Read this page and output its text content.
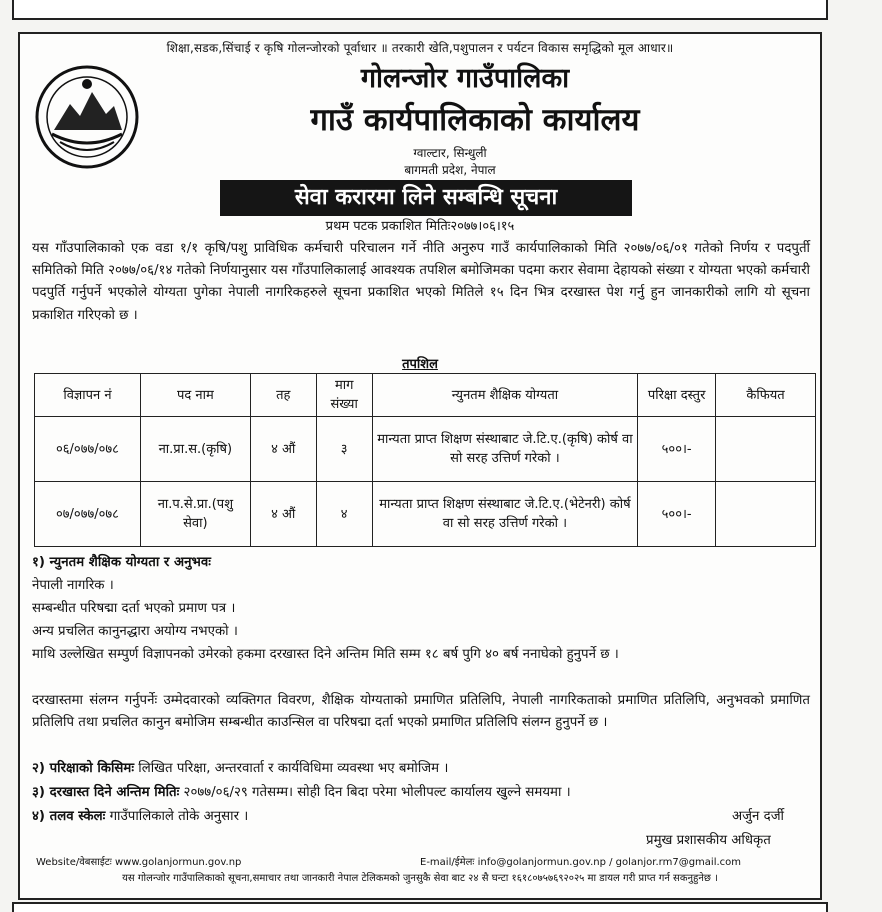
शिक्षा,सडक,सिंचाई र कृषि गोलन्जोरको पूर्वाधार ॥ तरकारी खेति,पशुपालन र पर्यटन विकास समृद्धिको मूल आधार॥
गोलन्जोर गाउँपालिका
गाउँ कार्यपालिकाको कार्यालय
ग्वाल्टार, सिन्धुली
बागमती प्रदेश, नेपाल
सेवा करारमा लिने सम्बन्धि सूचना
प्रथम पटक प्रकाशित मितिः२०७७।०६।१५
यस गाँउपालिकाको एक वडा १/१ कृषि/पशु प्राविधिक कर्मचारी परिचालन गर्ने नीति अनुरुप गाउँ कार्यपालिकाको मिति २०७७/०६/०१ गतेको निर्णय र पदपुर्ती समितिको मिति २०७७/०६/१४ गतेको निर्णयानुसार यस गाँउपालिकालाई आवश्यक तपशिल बमोजिमका पदमा करार सेवामा देहायको संख्या र योग्यता भएको कर्मचारी पदपुर्ति गर्नुपर्ने भएकोले योग्यता पुगेका नेपाली नागरिकहरुले सूचना प्रकाशित भएको मितिले १५ दिन भित्र दरखास्त पेश गर्नु हुन जानकारीको लागि यो सूचना प्रकाशित गरिएको छ ।
तपशिल
विज्ञापन नं	पद नाम	तह	माग संख्या	न्युनतम शैक्षिक योग्यता	परिक्षा दस्तुर	कैफियत
०६/०७७/०७८	ना.प्रा.स.(कृषि)	४ औं	३	मान्यता प्राप्त शिक्षण संस्थाबाट जे.टि.ए.(कृषि) कोर्ष वा सो सरह उत्तिर्ण गरेको ।	५००।-	
०७/०७७/०७८	ना.प.से.प्रा.(पशु सेवा)	४ औं	४	मान्यता प्राप्त शिक्षण संस्थाबाट जे.टि.ए.(भेटेनरी) कोर्ष वा सो सरह उत्तिर्ण गरेको ।	५००।-	
१) न्युनतम शैक्षिक योग्यता र अनुभवः
नेपाली नागरिक ।
सम्बन्धीत परिषद्मा दर्ता भएको प्रमाण पत्र ।
अन्य प्रचलित कानुनद्धारा अयोग्य नभएको ।
माथि उल्लेखित सम्पुर्ण विज्ञापनको उमेरको हकमा दरखास्त दिने अन्तिम मिति सम्म १८ बर्ष पुगि ४० बर्ष ननाघेको हुनुपर्ने छ ।
दरखास्तमा संलग्न गर्नुपर्नेः उम्मेदवारको व्यक्तिगत विवरण, शैक्षिक योग्यताको प्रमाणित प्रतिलिपि, नेपाली नागरिकताको प्रमाणित प्रतिलिपि, अनुभवको प्रमाणित प्रतिलिपि तथा प्रचलित कानुन बमोजिम सम्बन्धीत काउन्सिल वा परिषद्मा दर्ता भएको प्रमाणित प्रतिलिपि संलग्न हुनुपर्ने छ ।
२) परिक्षाको किसिमः लिखित परिक्षा, अन्तरवार्ता र कार्यविधिमा व्यवस्था भए बमोजिम ।
३) दरखास्त दिने अन्तिम मितिः २०७७/०६/२९ गतेसम्म। सोही दिन बिदा परेमा भोलीपल्ट कार्यालय खुल्ने समयमा ।
४) तलव स्केलः गाउँपालिकाले तोके अनुसार ।	अर्जुन दर्जी
प्रमुख प्रशासकीय अधिकृत
Website/वेबसाईटः www.golanjormun.gov.np	E-mail/ईमेलः info@golanjormun.gov.np / golanjor.rm7@gmail.com
यस गोलन्जोर गाउँपालिकाको सूचना,समाचार तथा जानकारी नेपाल टेलिकमको जुनसुकै सेवा बाट २४ सै घन्टा १६१८०७५७६९२०२५ मा डायल गरी प्राप्त गर्न सकनुहुनेछ ।
